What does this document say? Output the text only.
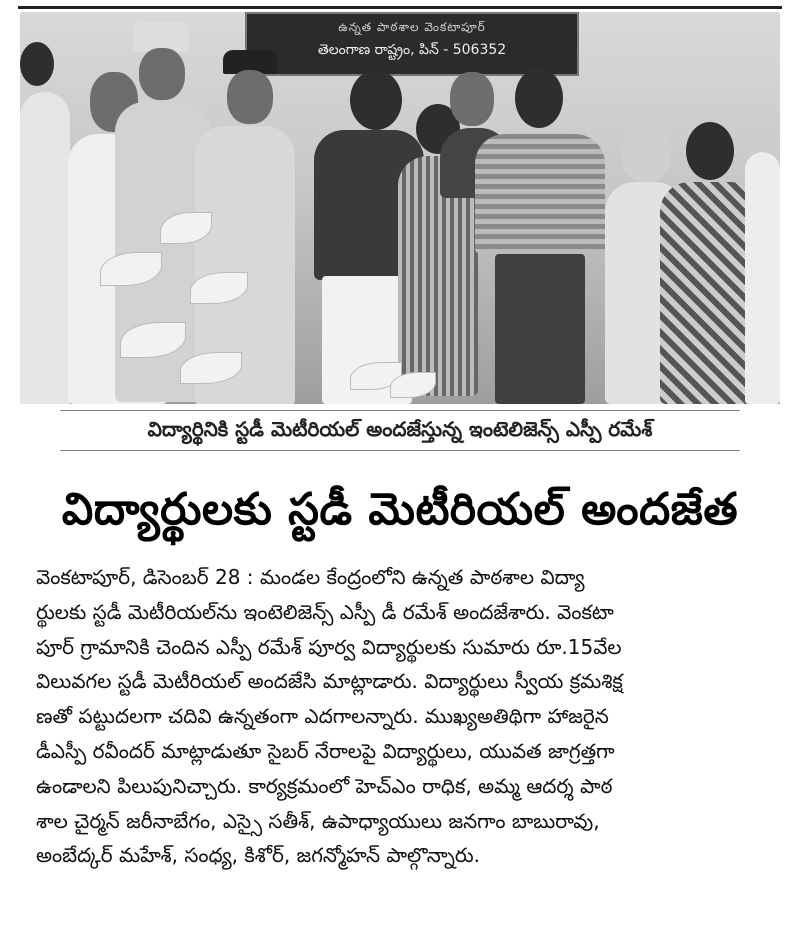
ఉన్నత పాఠశాల వెంకటాపూర్
తెలంగాణ రాష్ట్రం, పిన్ - 506352
విద్యార్థినికి స్టడీ మెటీరియల్ అందజేస్తున్న ఇంటెలిజెన్స్ ఎస్పీ రమేశ్
విద్యార్థులకు స్టడీ మెటీరియల్ అందజేత
వెంకటాపూర్, డిసెంబర్ 28 : మండల కేంద్రంలోని ఉన్నత పాఠశాల విద్యా
ర్థులకు స్టడీ మెటీరియల్‌ను ఇంటెలిజెన్స్ ఎస్పీ డీ రమేశ్ అందజేశారు. వెంకటా
పూర్ గ్రామానికి చెందిన ఎస్పీ రమేశ్ పూర్వ విద్యార్థులకు సుమారు రూ.15వేల
విలువగల స్టడీ మెటీరియల్ అందజేసి మాట్లాడారు. విద్యార్థులు స్వీయ క్రమశిక్ష
ణతో పట్టుదలగా చదివి ఉన్నతంగా ఎదగాలన్నారు. ముఖ్యఅతిథిగా హాజరైన
డీఎస్పీ రవీందర్ మాట్లాడుతూ సైబర్ నేరాలపై విద్యార్థులు, యువత జాగ్రత్తగా
ఉండాలని పిలుపునిచ్చారు. కార్యక్రమంలో హెచ్‌ఎం రాధిక, అమ్మ ఆదర్శ పాఠ
శాల చైర్మన్ జరీనాబేగం, ఎస్సై సతీశ్, ఉపాధ్యాయులు జనగాం బాబురావు,
అంబేద్కర్ మహేశ్, సంధ్య, కిశోర్, జగన్మోహన్ పాల్గొన్నారు.
